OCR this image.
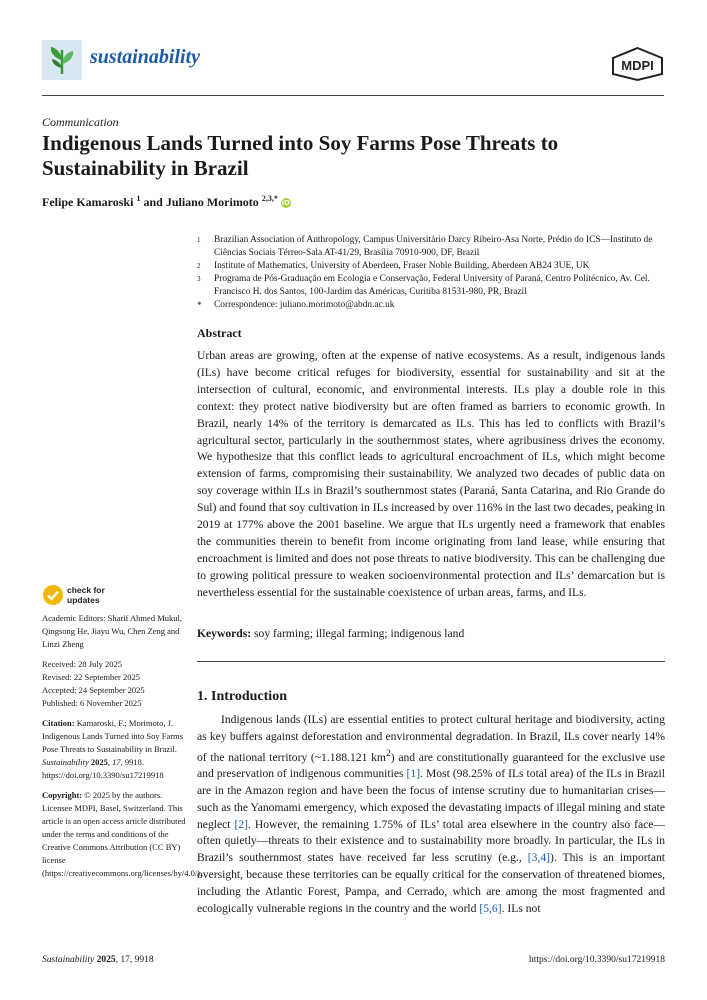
sustainability	MDPI
Communication
Indigenous Lands Turned into Soy Farms Pose Threats to Sustainability in Brazil
Felipe Kamaroski $^1$ and Juliano Morimoto $^{2,3,*}$ iD
1 Brazilian Association of Anthropology, Campus Universitário Darcy Ribeiro-Asa Norte, Prédio do ICS—Instituto de Ciências Sociais Térreo-Sala AT-41/29, Brasília 70910-900, DF, Brazil
2 Institute of Mathematics, University of Aberdeen, Fraser Noble Building, Aberdeen AB24 3UE, UK
3 Programa de Pós-Graduação em Ecologia e Conservação, Federal University of Paraná, Centro Politécnico, Av. Cel. Francisco H. dos Santos, 100-Jardim das Américas, Curitiba 81531-980, PR, Brazil
* Correspondence: juliano.morimoto@abdn.ac.uk
Abstract
Urban areas are growing, often at the expense of native ecosystems. As a result, indigenous lands (ILs) have become critical refuges for biodiversity, essential for sustainability and sit at the intersection of cultural, economic, and environmental interests. ILs play a double role in this context: they protect native biodiversity but are often framed as barriers to economic growth. In Brazil, nearly 14% of the territory is demarcated as ILs. This has led to conflicts with Brazil’s agricultural sector, particularly in the southernmost states, where agribusiness drives the economy. We hypothesize that this conflict leads to agricultural encroachment of ILs, which might become extension of farms, compromising their sustainability. We analyzed two decades of public data on soy coverage within ILs in Brazil’s southernmost states (Paraná, Santa Catarina, and Rio Grande do Sul) and found that soy cultivation in ILs increased by over 116% in the last two decades, peaking in 2019 at 177% above the 2001 baseline. We argue that ILs urgently need a framework that enables the communities therein to benefit from income originating from land lease, while ensuring that encroachment is limited and does not pose threats to native biodiversity. This can be challenging due to growing political pressure to weaken socioenvironmental protection and ILs’ demarcation but is nevertheless essential for the sustainable coexistence of urban areas, farms, and ILs.
Keywords: soy farming; illegal farming; indigenous land
1. Introduction
Indigenous lands (ILs) are essential entities to protect cultural heritage and biodiversity, acting as key buffers against deforestation and environmental degradation. In Brazil, ILs cover nearly 14% of the national territory (~1.188.121 $km^2$) and are constitutionally guaranteed for the exclusive use and preservation of indigenous communities [1]. Most (98.25% of ILs total area) of the ILs in Brazil are in the Amazon region and have been the focus of intense scrutiny due to humanitarian crises—such as the Yanomami emergency, which exposed the devastating impacts of illegal mining and state neglect [2]. However, the remaining 1.75% of ILs’ total area elsewhere in the country also face—often quietly—threats to their existence and to sustainability more broadly. In particular, the ILs in Brazil’s southernmost states have received far less scrutiny (e.g., [3,4]). This is an important oversight, because these territories can be equally critical for the conservation of threatened biomes, including the Atlantic Forest, Pampa, and Cerrado, which are among the most fragmented and ecologically vulnerable regions in the country and the world [5,6]. ILs not
check for
updates
Academic Editors: Sharif Ahmed Mukul, Qingsong He, Jiayu Wu, Chen Zeng and Linzi Zheng
Received: 28 July 2025
Revised: 22 September 2025
Accepted: 24 September 2025
Published: 6 November 2025
Citation: Kamaroski, F.; Morimoto, J. Indigenous Lands Turned into Soy Farms Pose Threats to Sustainability in Brazil. Sustainability 2025, 17, 9918. https://doi.org/10.3390/su17219918
Copyright: © 2025 by the authors. Licensee MDPI, Basel, Switzerland. This article is an open access article distributed under the terms and conditions of the Creative Commons Attribution (CC BY) license (https://creativecommons.org/licenses/by/4.0/).
Sustainability 2025, 17, 9918	https://doi.org/10.3390/su17219918
